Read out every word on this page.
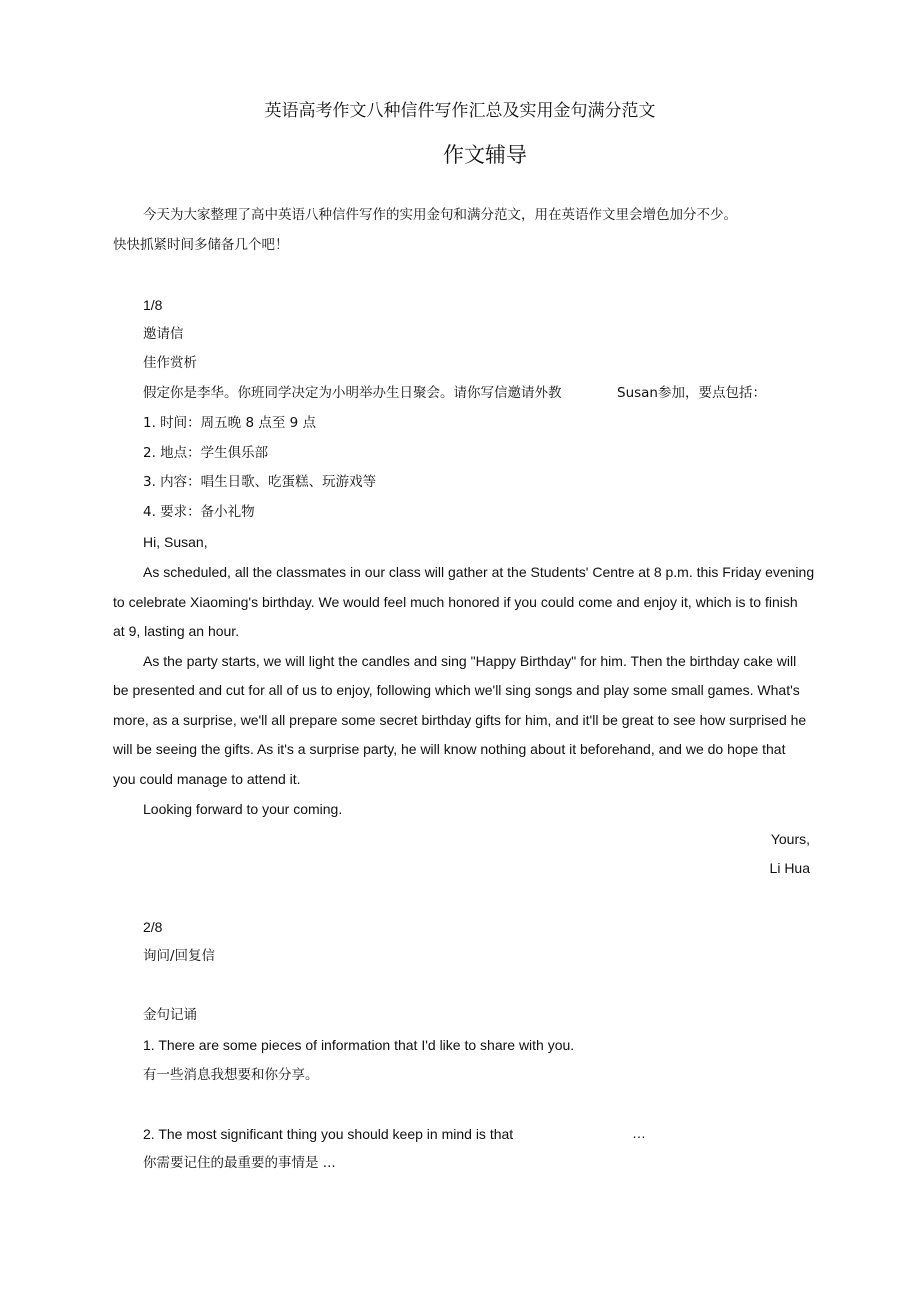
英语高考作文八种信件写作汇总及实用金句满分范文
作文辅导
今天为大家整理了高中英语八种信件写作的实用金句和满分范文，用在英语作文里会增色加分不少。
快快抓紧时间多储备几个吧！
1/8
邀请信
佳作赏析
假定你是李华。你班同学决定为小明举办生日聚会。请你写信邀请外教	Susan参加，要点包括：
1. 时间：周五晚 8 点至 9 点
2. 地点：学生俱乐部
3. 内容：唱生日歌、吃蛋糕、玩游戏等
4. 要求：备小礼物
Hi, Susan,
As scheduled, all the classmates in our class will gather at the Students' Centre at 8 p.m. this Friday evening
to celebrate Xiaoming's birthday. We would feel much honored if you could come and enjoy it, which is to finish
at 9, lasting an hour.
As the party starts, we will light the candles and sing "Happy Birthday" for him. Then the birthday cake will
be presented and cut for all of us to enjoy, following which we'll sing songs and play some small games. What's
more, as a surprise, we'll all prepare some secret birthday gifts for him, and it'll be great to see how surprised he
will be seeing the gifts. As it's a surprise party, he will know nothing about it beforehand, and we do hope that
you could manage to attend it.
Looking forward to your coming.
Yours,
Li Hua
2/8
询问/回复信
金句记诵
1. There are some pieces of information that I'd like to share with you.
有一些消息我想要和你分享。
2. The most significant thing you should keep in mind is that	…
你需要记住的最重要的事情是 ...
